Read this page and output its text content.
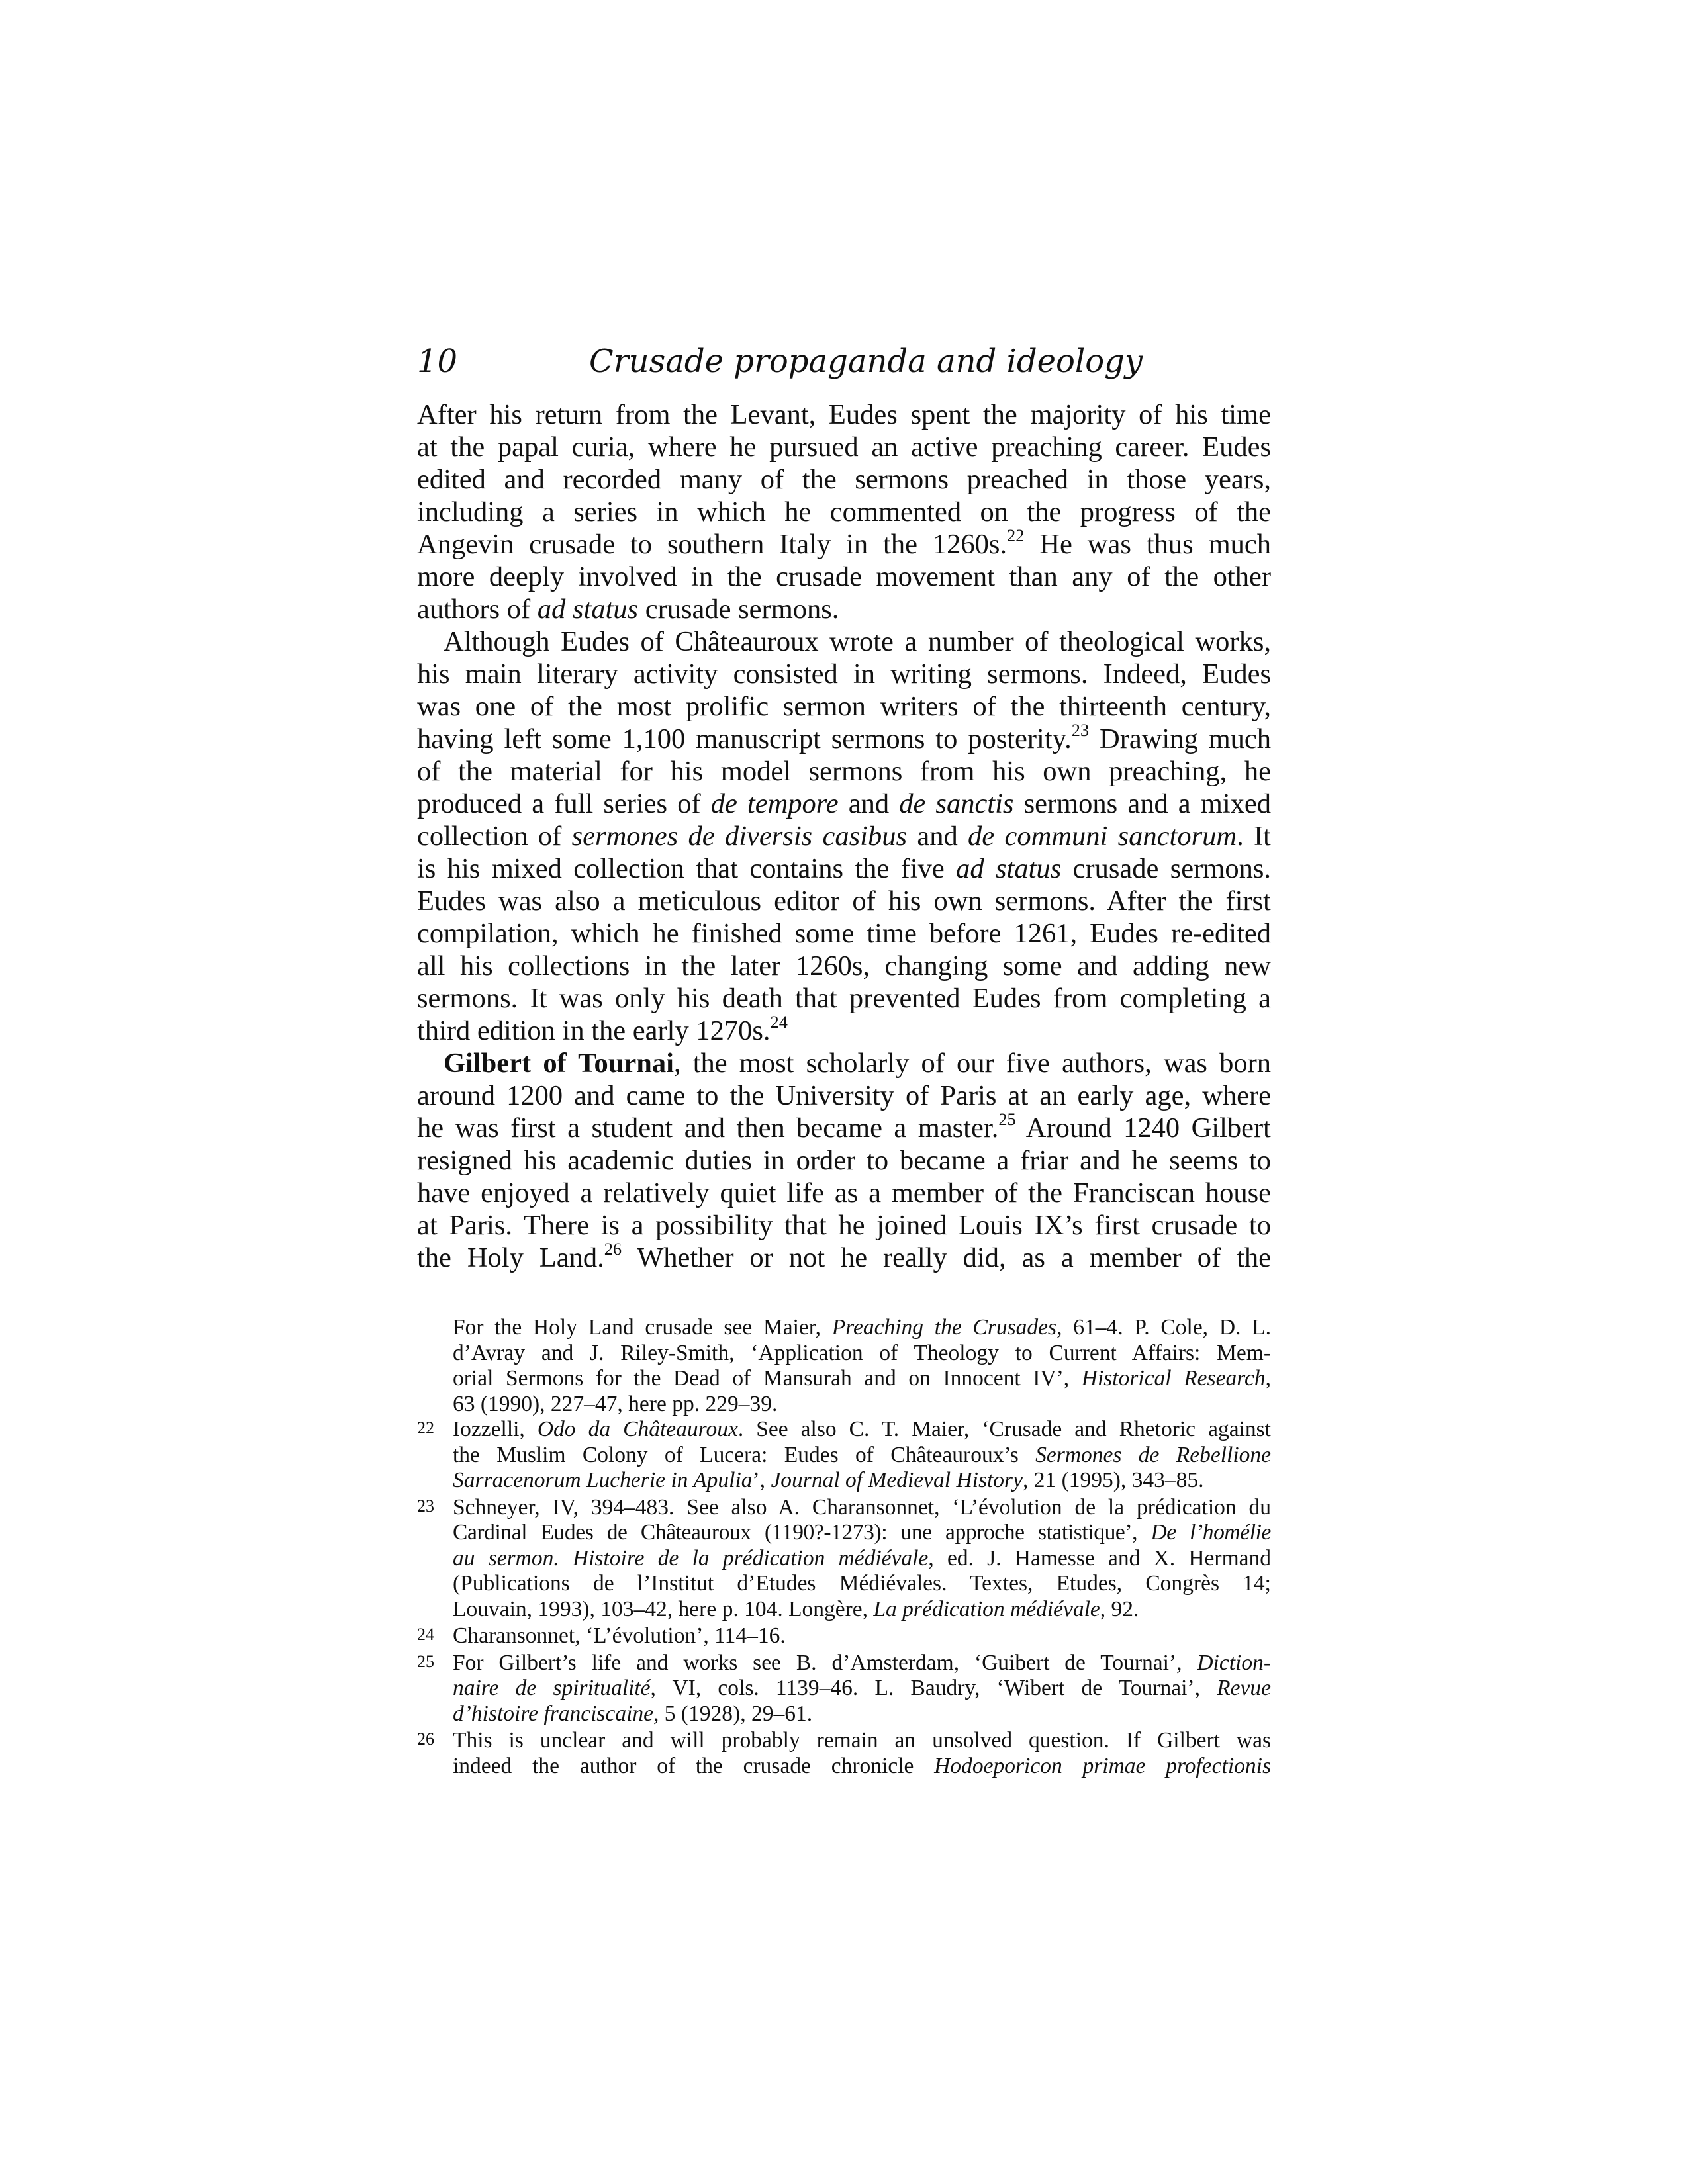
10	Crusade propaganda and ideology

After his return from the Levant, Eudes spent the majority of his time
at the papal curia, where he pursued an active preaching career. Eudes
edited and recorded many of the sermons preached in those years,
including a series in which he commented on the progress of the
Angevin crusade to southern Italy in the 1260s.$^{22}$ He was thus much
more deeply involved in the crusade movement than any of the other
authors of ad status crusade sermons.

Although Eudes of Châteauroux wrote a number of theological works,
his main literary activity consisted in writing sermons. Indeed, Eudes
was one of the most prolific sermon writers of the thirteenth century,
having left some 1,100 manuscript sermons to posterity.$^{23}$ Drawing much
of the material for his model sermons from his own preaching, he
produced a full series of de tempore and de sanctis sermons and a mixed
collection of sermones de diversis casibus and de communi sanctorum. It
is his mixed collection that contains the five ad status crusade sermons.
Eudes was also a meticulous editor of his own sermons. After the first
compilation, which he finished some time before 1261, Eudes re-edited
all his collections in the later 1260s, changing some and adding new
sermons. It was only his death that prevented Eudes from completing a
third edition in the early 1270s.$^{24}$

Gilbert of Tournai, the most scholarly of our five authors, was born
around 1200 and came to the University of Paris at an early age, where
he was first a student and then became a master.$^{25}$ Around 1240 Gilbert
resigned his academic duties in order to became a friar and he seems to
have enjoyed a relatively quiet life as a member of the Franciscan house
at Paris. There is a possibility that he joined Louis IX’s first crusade to
the Holy Land.$^{26}$ Whether or not he really did, as a member of the

For the Holy Land crusade see Maier, Preaching the Crusades, 61–4. P. Cole, D. L.
d’Avray and J. Riley-Smith, ‘Application of Theology to Current Affairs: Mem-
orial Sermons for the Dead of Mansurah and on Innocent IV’, Historical Research,
63 (1990), 227–47, here pp. 229–39.
22 Iozzelli, Odo da Châteauroux. See also C. T. Maier, ‘Crusade and Rhetoric against
the Muslim Colony of Lucera: Eudes of Châteauroux’s Sermones de Rebellione
Sarracenorum Lucherie in Apulia’, Journal of Medieval History, 21 (1995), 343–85.
23 Schneyer, IV, 394–483. See also A. Charansonnet, ‘L’évolution de la prédication du
Cardinal Eudes de Châteauroux (1190?-1273): une approche statistique’, De l’homélie
au sermon. Histoire de la prédication médiévale, ed. J. Hamesse and X. Hermand
(Publications de l’Institut d’Etudes Médiévales. Textes, Etudes, Congrès 14;
Louvain, 1993), 103–42, here p. 104. Longère, La prédication médiévale, 92.
24 Charansonnet, ‘L’évolution’, 114–16.
25 For Gilbert’s life and works see B. d’Amsterdam, ‘Guibert de Tournai’, Diction-
naire de spiritualité, VI, cols. 1139–46. L. Baudry, ‘Wibert de Tournai’, Revue
d’histoire franciscaine, 5 (1928), 29–61.
26 This is unclear and will probably remain an unsolved question. If Gilbert was
indeed the author of the crusade chronicle Hodoeporicon primae profectionis
